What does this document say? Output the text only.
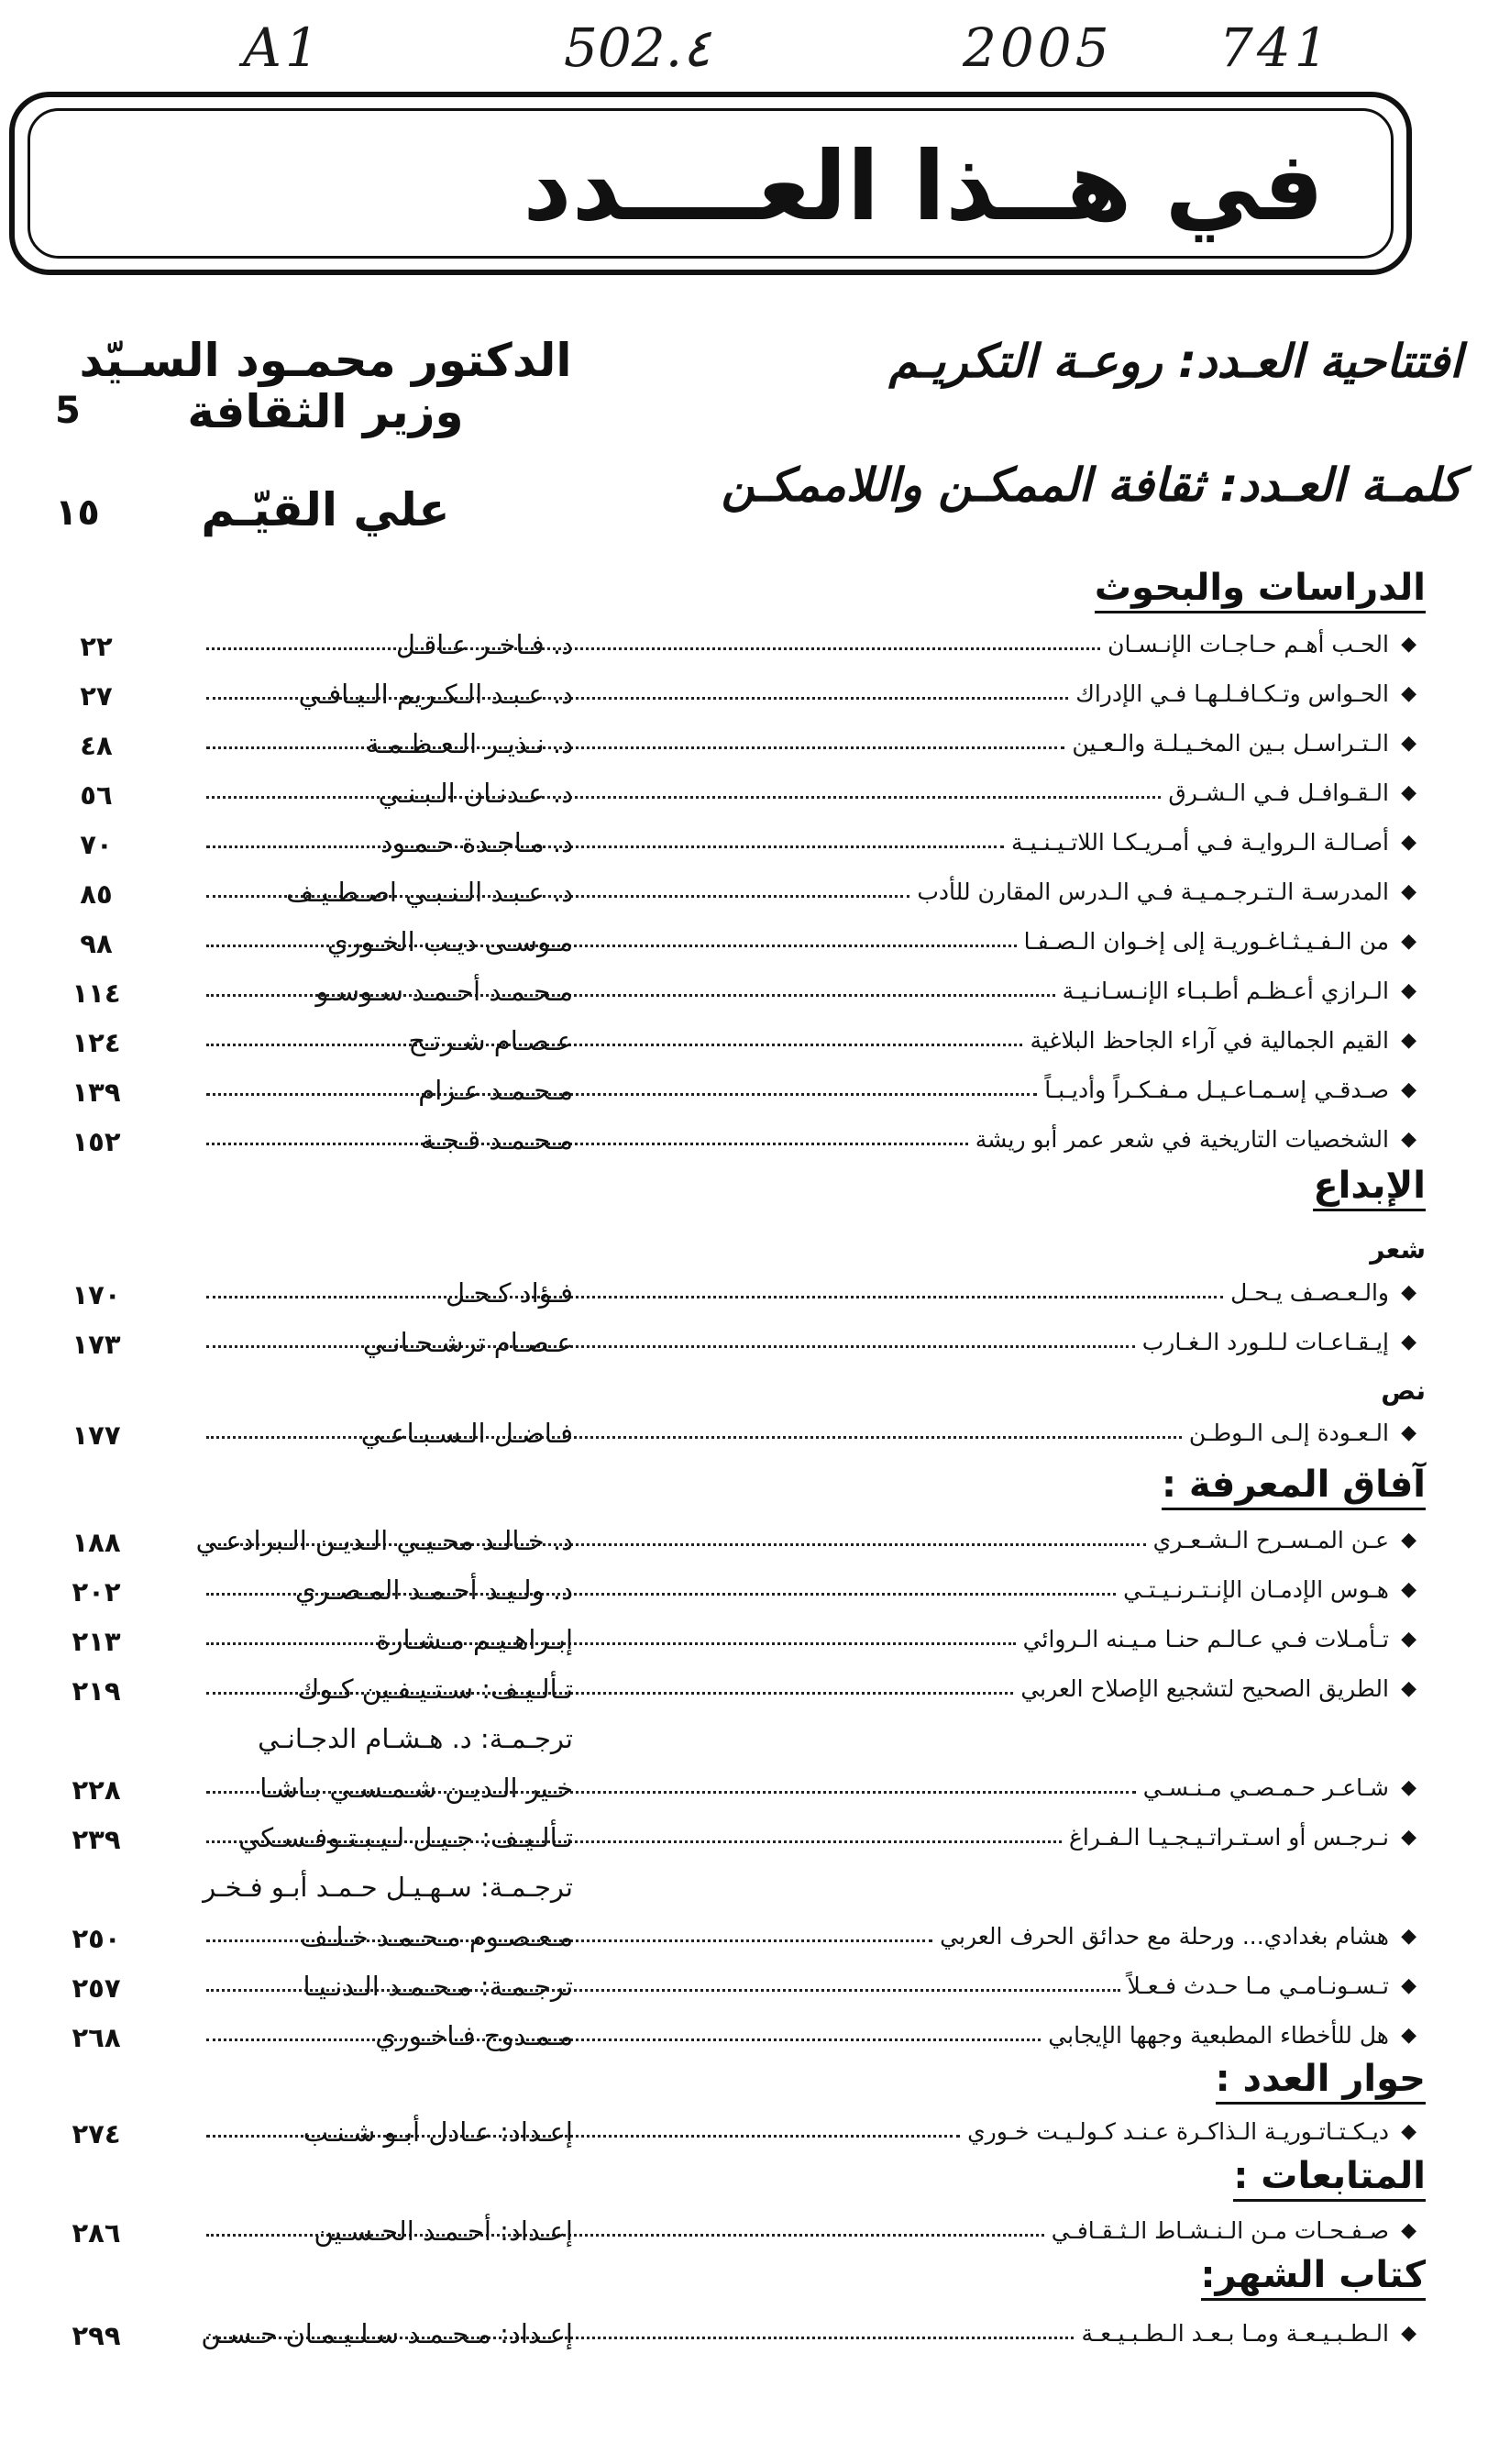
A1	502.٤	2005 741
في هــذا العــــدد
افتتاحية العـدد: روعـة التكريـم
الدكتور محمـود السـيّد
وزير الثقافة
5
كلمـة العـدد: ثقافة الممكـن واللاممكـن
علي القيّـم
١٥
الدراسات والبحوث
◆
الحـب أهـم حـاجـات الإنـسـان
د. فـاخـر عـاقـل
٢٢
◆
الحـواس وتـكـافـلـهـا فـي الإدراك
د. عـبـد الـكـريم الـيـافـي
٢٧
◆
الـتـراسـل بـين المخـيـلـة والـعـين
د. نـذيـر الـعـظـمـة
٤٨
◆
الـقـوافـل فـي الـشـرق
د. عـدنـان الـبـنـي
٥٦
◆
أصـالـة الـروايـة فـي أمـريـكـا اللاتـيـنـيـة
د. مـاجـدة حـمـود
٧٠
◆
المدرسـة الـتـرجـمـيـة فـي الـدرس المقارن للأدب
د. عـبـد الـنـبـي اصـطـيـف
٨٥
◆
من الـفـيـثـاغـوريـة إلى إخـوان الـصـفـا
مـوسـى ديـب الخـوري
٩٨
◆
الـرازي أعـظـم أطـبـاء الإنـسـانـيـة
مـحـمـد أحـمـد سـوسـو
١١٤
◆
القيم الجمالية في آراء الجاحظ البلاغية
عـصـام شـرتـح
١٢٤
◆
صـدقـي إسـمـاعـيـل مـفـكـراً وأديـبـاً
مـحـمـد عـزام
١٣٩
◆
الشخصيات التاريخية في شعر عمر أبو ريشة
مـحـمـد قـجـة
١٥٢
الإبداع
شعر
◆
والـعـصـف يـحـل
فـؤاد كـحـل
١٧٠
◆
إيـقـاعـات لـلـورد الـغـارب
عـصـام ترشـحـانـي
١٧٣
نص
◆
الـعـودة إلـى الـوطـن
فـاضـل الـسـبـاعـي
١٧٧
آفاق المعرفة :
◆
عـن المـسـرح الـشـعـري
د. خـالـد محـيـي الـديـن الـبرادعـي
١٨٨
◆
هـوس الإدمـان الإنـتـرنـيـتـي
د. ولـيـد أحـمـد المـصـري
٢٠٢
◆
تـأمـلات فـي عـالـم حنـا مـيـنه الـروائي
إبـراهـيـم مـشـارة
٢١٣
◆
الطريق الصحيح لتشجيع الإصلاح العربي
تـألـيـف: سـتـيـفـين كـوك
٢١٩
ترجـمـة: د. هـشـام الدجـانـي
◆
شـاعـر حـمـصـي مـنـسـي
خـير الـديـن شـمـسـي بـاشـا
٢٢٨
◆
نـرجـس أو اسـتـراتـيـجـيـا الـفـراغ
تـألـيـف: جـيـل لـيـبـتـوفـسـكي
٢٣٩
ترجـمـة: سـهـيـل حـمـد أبـو فـخـر
◆
هشام بغدادي... ورحلة مع حدائق الحرف العربي
مـعـصـوم مـحـمـد خـلـف
٢٥٠
◆
تـسـونـامـي مـا حـدث فـعـلاً
ترجـمـة: مـحـمـد الـدنـيـا
٢٥٧
◆
هل للأخطاء المطبعية وجهها الإيجابي
مـمـدوح فـاخـوري
٢٦٨
حوار العدد :
◆
ديـكـتـاتـوريـة الـذاكـرة عـنـد كـولـيـت خـوري
إعـداد: عـادل أبـو شـنـب
٢٧٤
المتابعات :
◆
صـفـحـات مـن الـنـشـاط الـثـقـافـي
إعـداد: أحـمـد الحـسـين
٢٨٦
كتاب الشهر:
◆
الـطـبـيـعـة ومـا بـعـد الـطـبـيـعـة
إعـداد: مـحـمـد سـلـيـمـان حـسـن
٢٩٩
